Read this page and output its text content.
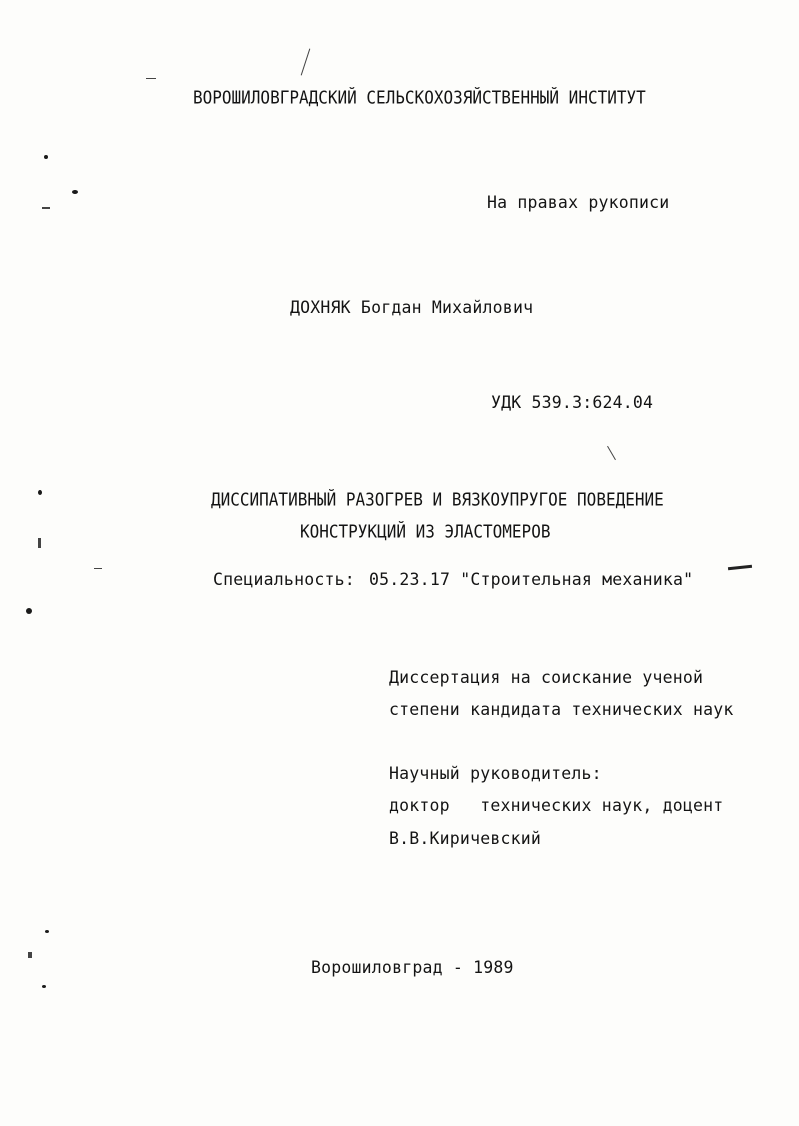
ВОРОШИЛОВГРАДСКИЙ СЕЛЬСКОХОЗЯЙСТВЕННЫЙ ИНСТИТУТ
На правах рукописи
ДОХНЯК Богдан Михайлович
УДК 539.3:624.04
ДИССИПАТИВНЫЙ РАЗОГРЕВ И ВЯЗКОУПРУГОЕ ПОВЕДЕНИЕ
КОНСТРУКЦИЙ ИЗ ЭЛАСТОМЕРОВ
Специальность: 05.23.17 "Строительная механика"
Диссертация на соискание ученой
степени кандидата технических наук
Научный руководитель:
доктор   технических наук, доцент
В.В.Киричевский
Ворошиловград - 1989
